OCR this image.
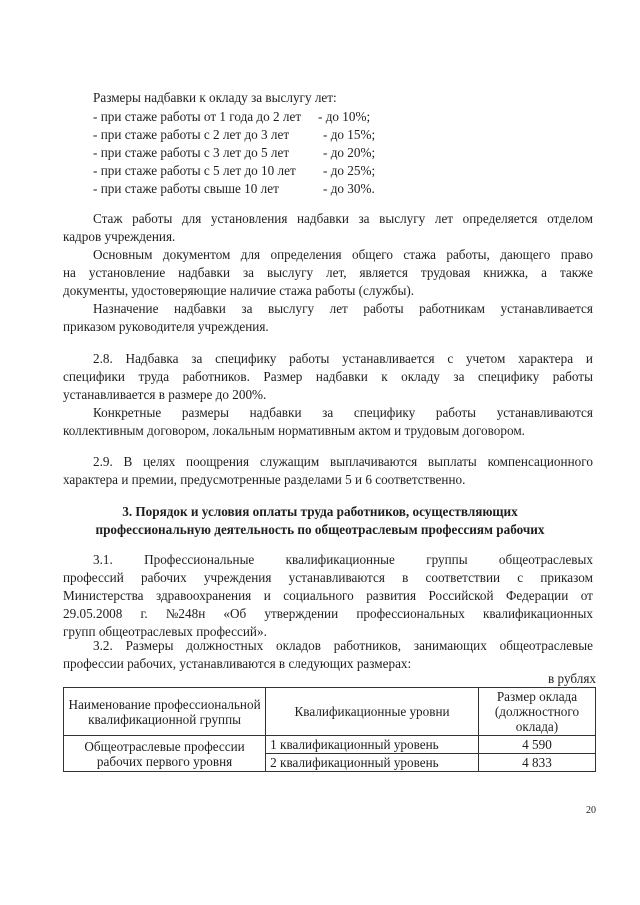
Размеры надбавки к окладу за выслугу лет:
- при стаже работы от 1 года до 2 лет - до 10%;
- при стаже работы с 2 лет до 3 лет	- до 15%;
- при стаже работы с 3 лет до 5 лет	- до 20%;
- при стаже работы с 5 лет до 10 лет - до 25%;
- при стаже работы свыше 10 лет	- до 30%.
Стаж работы для установления надбавки за выслугу лет определяется отделом
кадров учреждения.
Основным документом для определения общего стажа работы, дающего право
на установление надбавки за выслугу лет, является трудовая книжка, а также
документы, удостоверяющие наличие стажа работы (службы).
Назначение надбавки за выслугу лет работы работникам устанавливается
приказом руководителя учреждения.
2.8. Надбавка за специфику работы устанавливается с учетом характера и
специфики труда работников. Размер надбавки к окладу за специфику работы
устанавливается в размере до 200%.
Конкретные размеры надбавки за специфику работы устанавливаются
коллективным договором, локальным нормативным актом и трудовым договором.
2.9. В целях поощрения служащим выплачиваются выплаты компенсационного
характера и премии, предусмотренные разделами 5 и 6 соответственно.
3. Порядок и условия оплаты труда работников, осуществляющих
профессиональную деятельность по общеотраслевым профессиям рабочих
3.1. Профессиональные квалификационные группы общеотраслевых
профессий рабочих учреждения устанавливаются в соответствии с приказом
Министерства здравоохранения и социального развития Российской Федерации от
29.05.2008 г. №248н «Об утверждении профессиональных квалификационных
групп общеотраслевых профессий».
3.2. Размеры должностных окладов работников, занимающих общеотраслевые
профессии рабочих, устанавливаются в следующих размерах:
в рублях
Наименование профессиональной квалификационной группы	Квалификационные уровни	Размер оклада (должностного оклада)
Общеотраслевые профессии рабочих первого уровня	1 квалификационный уровень	4 590
	2 квалификационный уровень	4 833
20
